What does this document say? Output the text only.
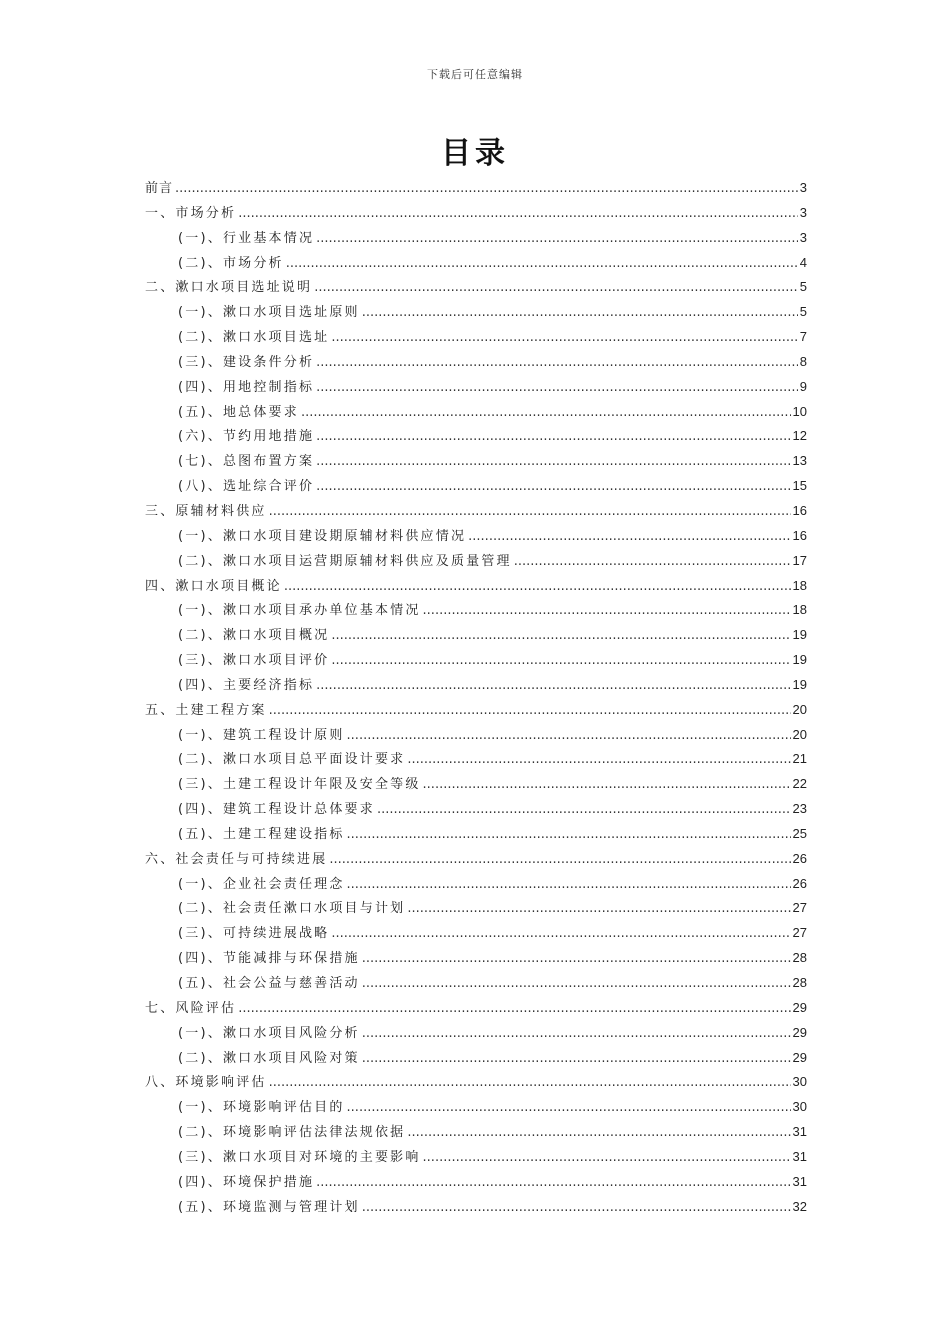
下载后可任意编辑
目录
前言 .....	3
一、市场分析 .....	3
(一)、行业基本情况 .....	3
(二)、市场分析 .....	4
二、漱口水项目选址说明 .....	5
(一)、漱口水项目选址原则 .....	5
(二)、漱口水项目选址 .....	7
(三)、建设条件分析 .....	8
(四)、用地控制指标 .....	9
(五)、地总体要求 .....	10
(六)、节约用地措施 .....	12
(七)、总图布置方案 .....	13
(八)、选址综合评价 .....	15
三、原辅材料供应 .....	16
(一)、漱口水项目建设期原辅材料供应情况 .....	16
(二)、漱口水项目运营期原辅材料供应及质量管理 .....	17
四、漱口水项目概论 .....	18
(一)、漱口水项目承办单位基本情况 .....	18
(二)、漱口水项目概况 .....	19
(三)、漱口水项目评价 .....	19
(四)、主要经济指标 .....	19
五、土建工程方案 .....	20
(一)、建筑工程设计原则 .....	20
(二)、漱口水项目总平面设计要求 .....	21
(三)、土建工程设计年限及安全等级 .....	22
(四)、建筑工程设计总体要求 .....	23
(五)、土建工程建设指标 .....	25
六、社会责任与可持续进展 .....	26
(一)、企业社会责任理念 .....	26
(二)、社会责任漱口水项目与计划 .....	27
(三)、可持续进展战略 .....	27
(四)、节能减排与环保措施 .....	28
(五)、社会公益与慈善活动 .....	28
七、风险评估 .....	29
(一)、漱口水项目风险分析 .....	29
(二)、漱口水项目风险对策 .....	29
八、环境影响评估 .....	30
(一)、环境影响评估目的 .....	30
(二)、环境影响评估法律法规依据 .....	31
(三)、漱口水项目对环境的主要影响 .....	31
(四)、环境保护措施 .....	31
(五)、环境监测与管理计划 .....	32
